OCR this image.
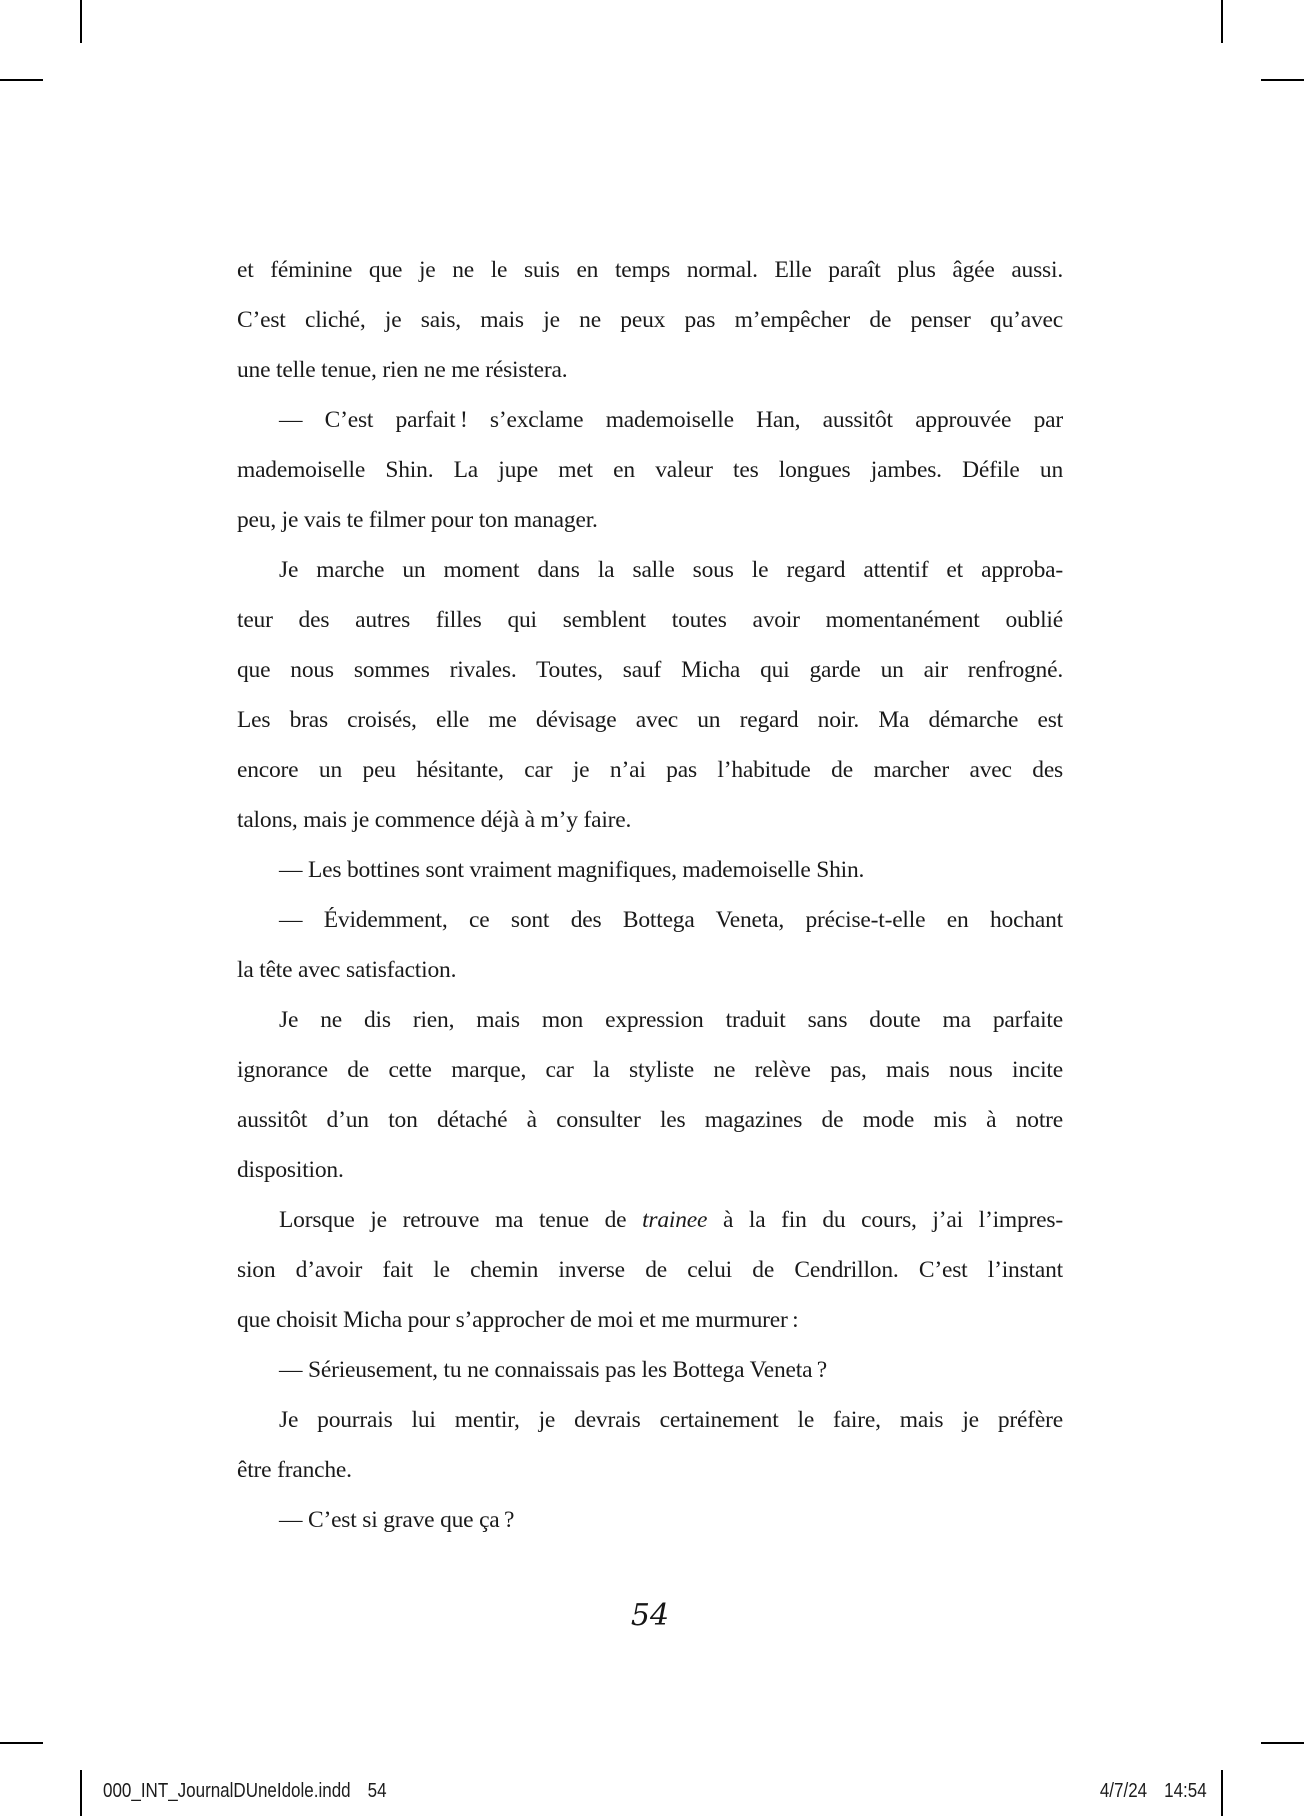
et féminine que je ne le suis en temps normal. Elle paraît plus âgée aussi.
C’est cliché, je sais, mais je ne peux pas m’empêcher de penser qu’avec
une telle tenue, rien ne me résistera.
— C’est parfait ! s’exclame mademoiselle Han, aussitôt approuvée par
mademoiselle Shin. La jupe met en valeur tes longues jambes. Défile un
peu, je vais te filmer pour ton manager.
Je marche un moment dans la salle sous le regard attentif et approba-
teur des autres filles qui semblent toutes avoir momentanément oublié
que nous sommes rivales. Toutes, sauf Micha qui garde un air renfrogné.
Les bras croisés, elle me dévisage avec un regard noir. Ma démarche est
encore un peu hésitante, car je n’ai pas l’habitude de marcher avec des
talons, mais je commence déjà à m’y faire.
— Les bottines sont vraiment magnifiques, mademoiselle Shin.
— Évidemment, ce sont des Bottega Veneta, précise-t-elle en hochant
la tête avec satisfaction.
Je ne dis rien, mais mon expression traduit sans doute ma parfaite
ignorance de cette marque, car la styliste ne relève pas, mais nous incite
aussitôt d’un ton détaché à consulter les magazines de mode mis à notre
disposition.
Lorsque je retrouve ma tenue de trainee à la fin du cours, j’ai l’impres-
sion d’avoir fait le chemin inverse de celui de Cendrillon. C’est l’instant
que choisit Micha pour s’approcher de moi et me murmurer :
— Sérieusement, tu ne connaissais pas les Bottega Veneta ?
Je pourrais lui mentir, je devrais certainement le faire, mais je préfère
être franche.
— C’est si grave que ça ?
54
000_INT_JournalDUneIdole.indd 54	4/7/24 14:54
